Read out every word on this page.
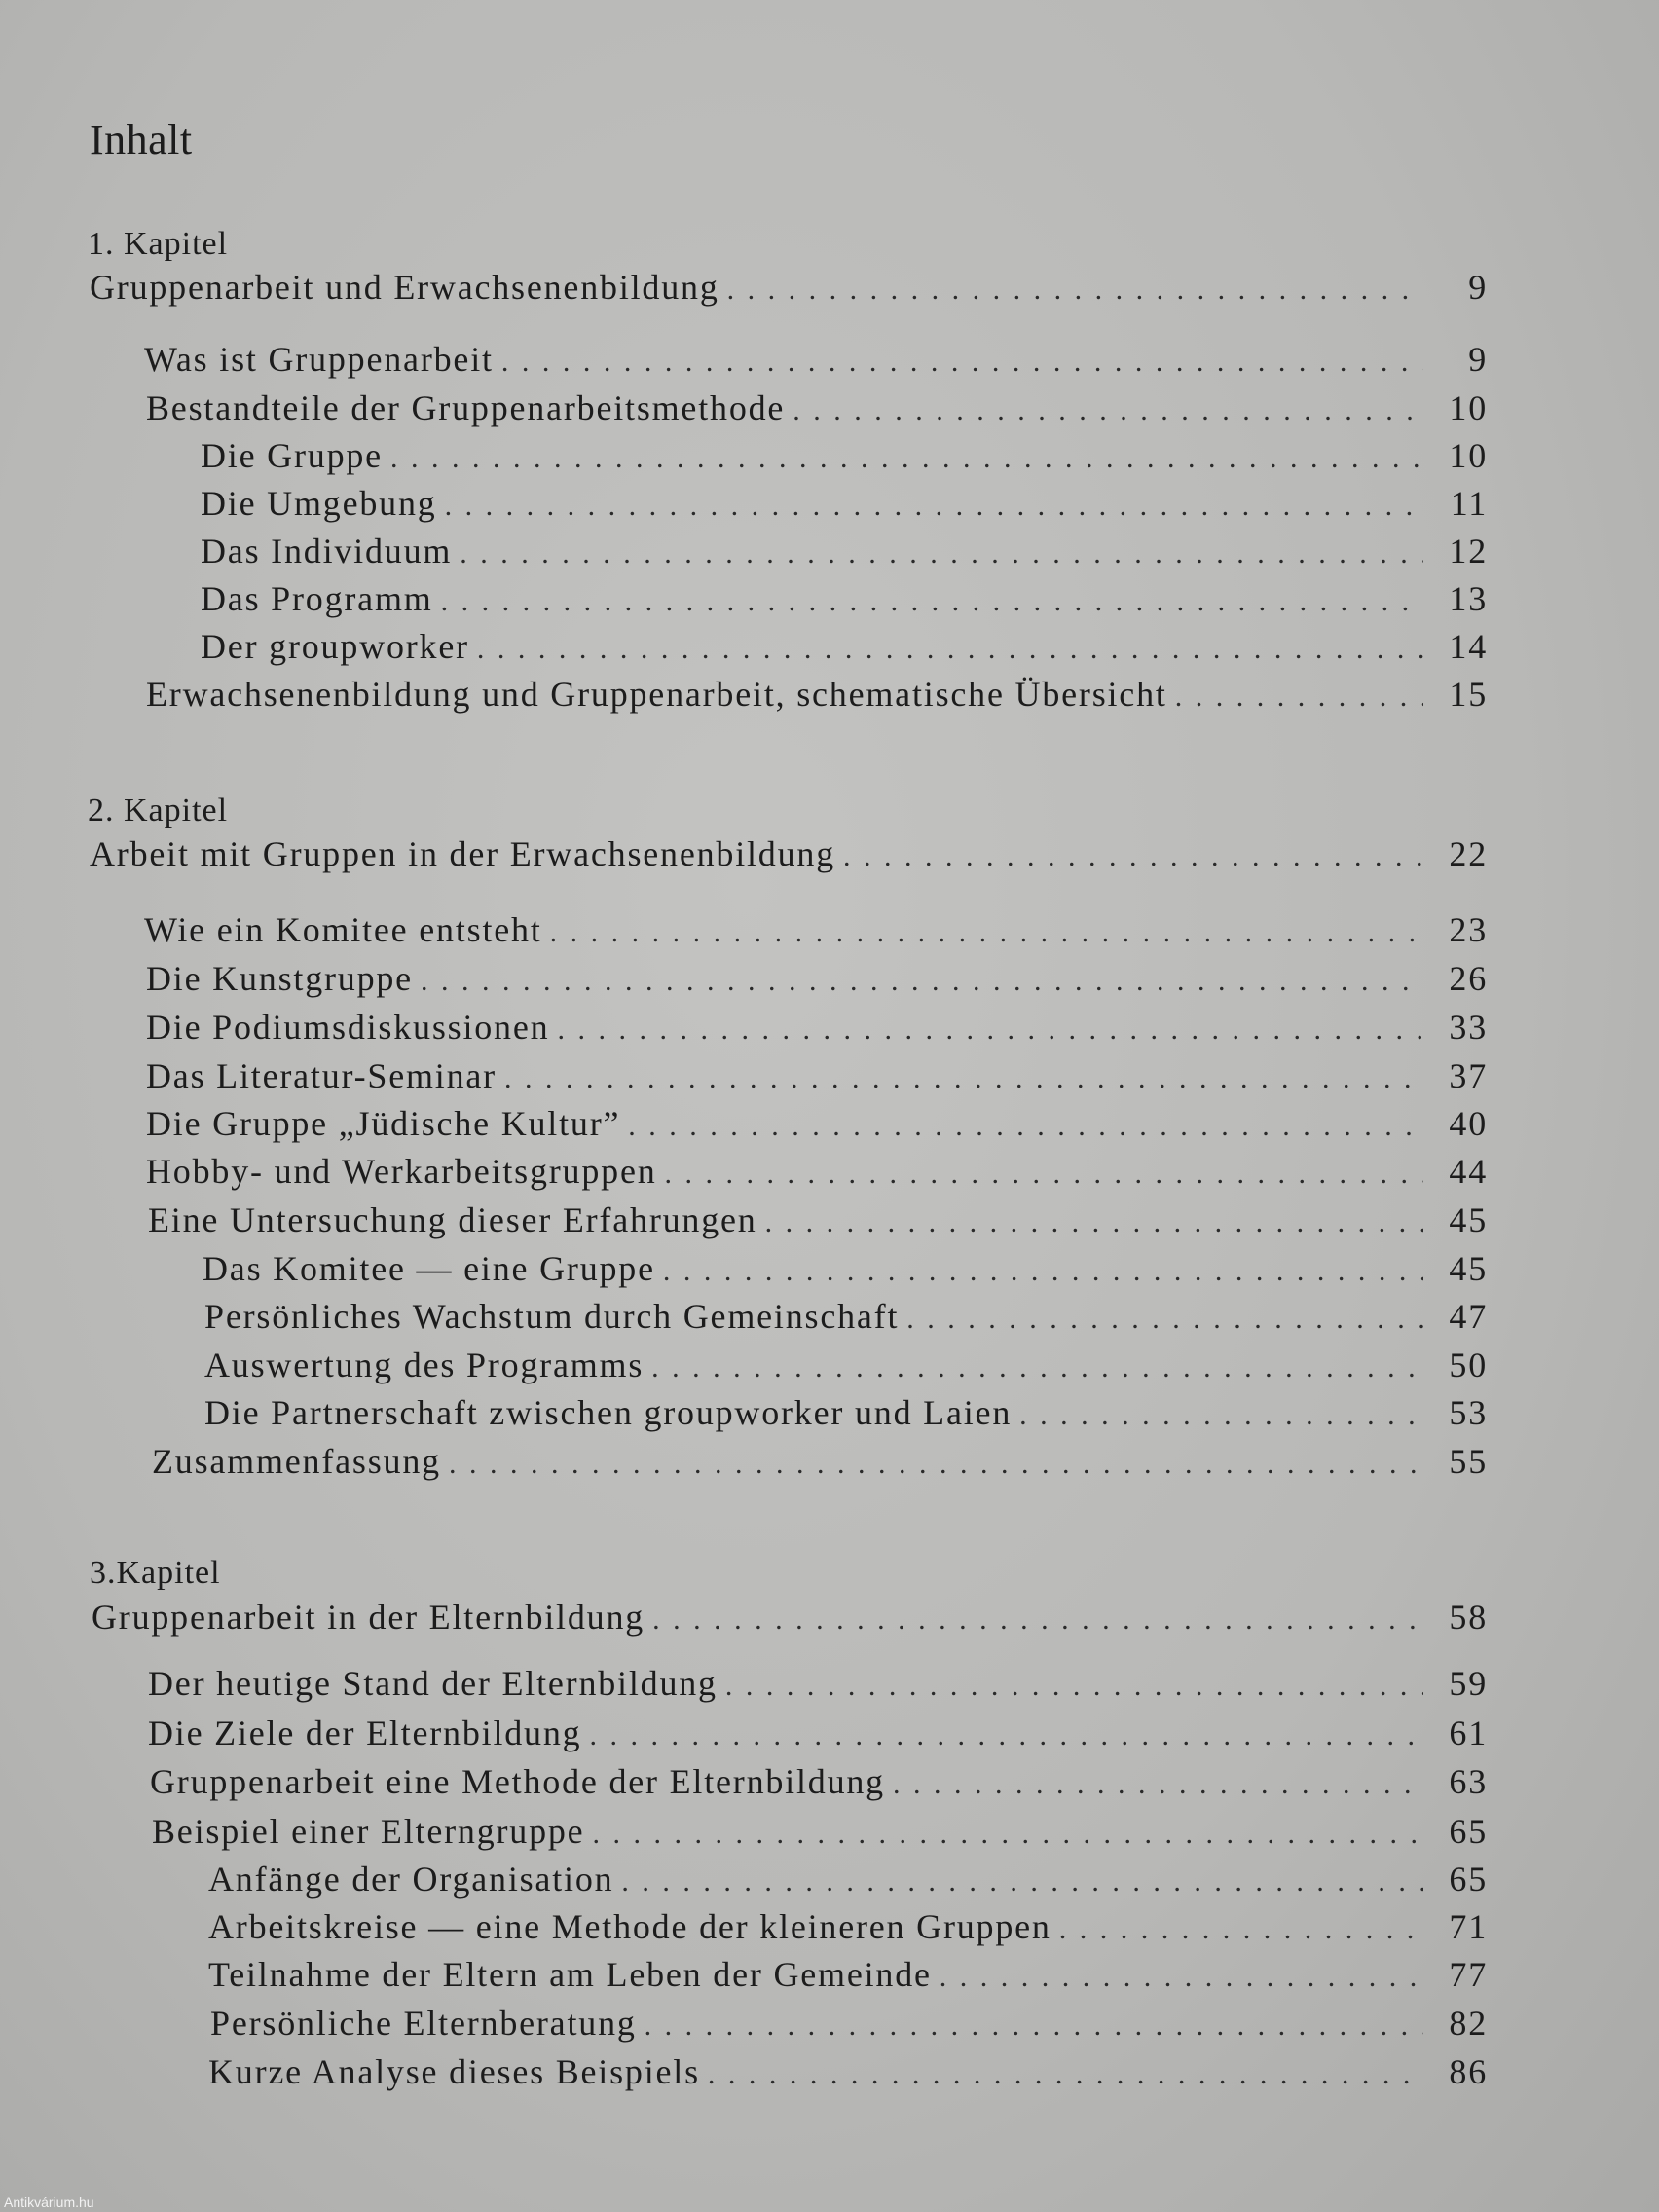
Inhalt
1. Kapitel
Gruppenarbeit und Erwachsenenbildung . . .	9
Was ist Gruppenarbeit . . .	9
Bestandteile der Gruppenarbeitsmethode . . .	10
Die Gruppe . . .	10
Die Umgebung . . .	11
Das Individuum . . .	12
Das Programm . . .	13
Der groupworker . . .	14
Erwachsenenbildung und Gruppenarbeit, schematische Übersicht . . .	15
2. Kapitel
Arbeit mit Gruppen in der Erwachsenenbildung . . .	22
Wie ein Komitee entsteht . . .	23
Die Kunstgruppe . . .	26
Die Podiumsdiskussionen . . .	33
Das Literatur-Seminar . . .	37
Die Gruppe „Jüdische Kultur” . . .	40
Hobby- und Werkarbeitsgruppen . . .	44
Eine Untersuchung dieser Erfahrungen . . .	45
Das Komitee — eine Gruppe . . .	45
Persönliches Wachstum durch Gemeinschaft . . .	47
Auswertung des Programms . . .	50
Die Partnerschaft zwischen groupworker und Laien . . .	53
Zusammenfassung . . .	55
3.Kapitel
Gruppenarbeit in der Elternbildung . . .	58
Der heutige Stand der Elternbildung . . .	59
Die Ziele der Elternbildung . . .	61
Gruppenarbeit eine Methode der Elternbildung . . .	63
Beispiel einer Elterngruppe . . .	65
Anfänge der Organisation . . .	65
Arbeitskreise — eine Methode der kleineren Gruppen . . .	71
Teilnahme der Eltern am Leben der Gemeinde . . .	77
Persönliche Elternberatung . . .	82
Kurze Analyse dieses Beispiels . . .	86
Antikvárium.hu
